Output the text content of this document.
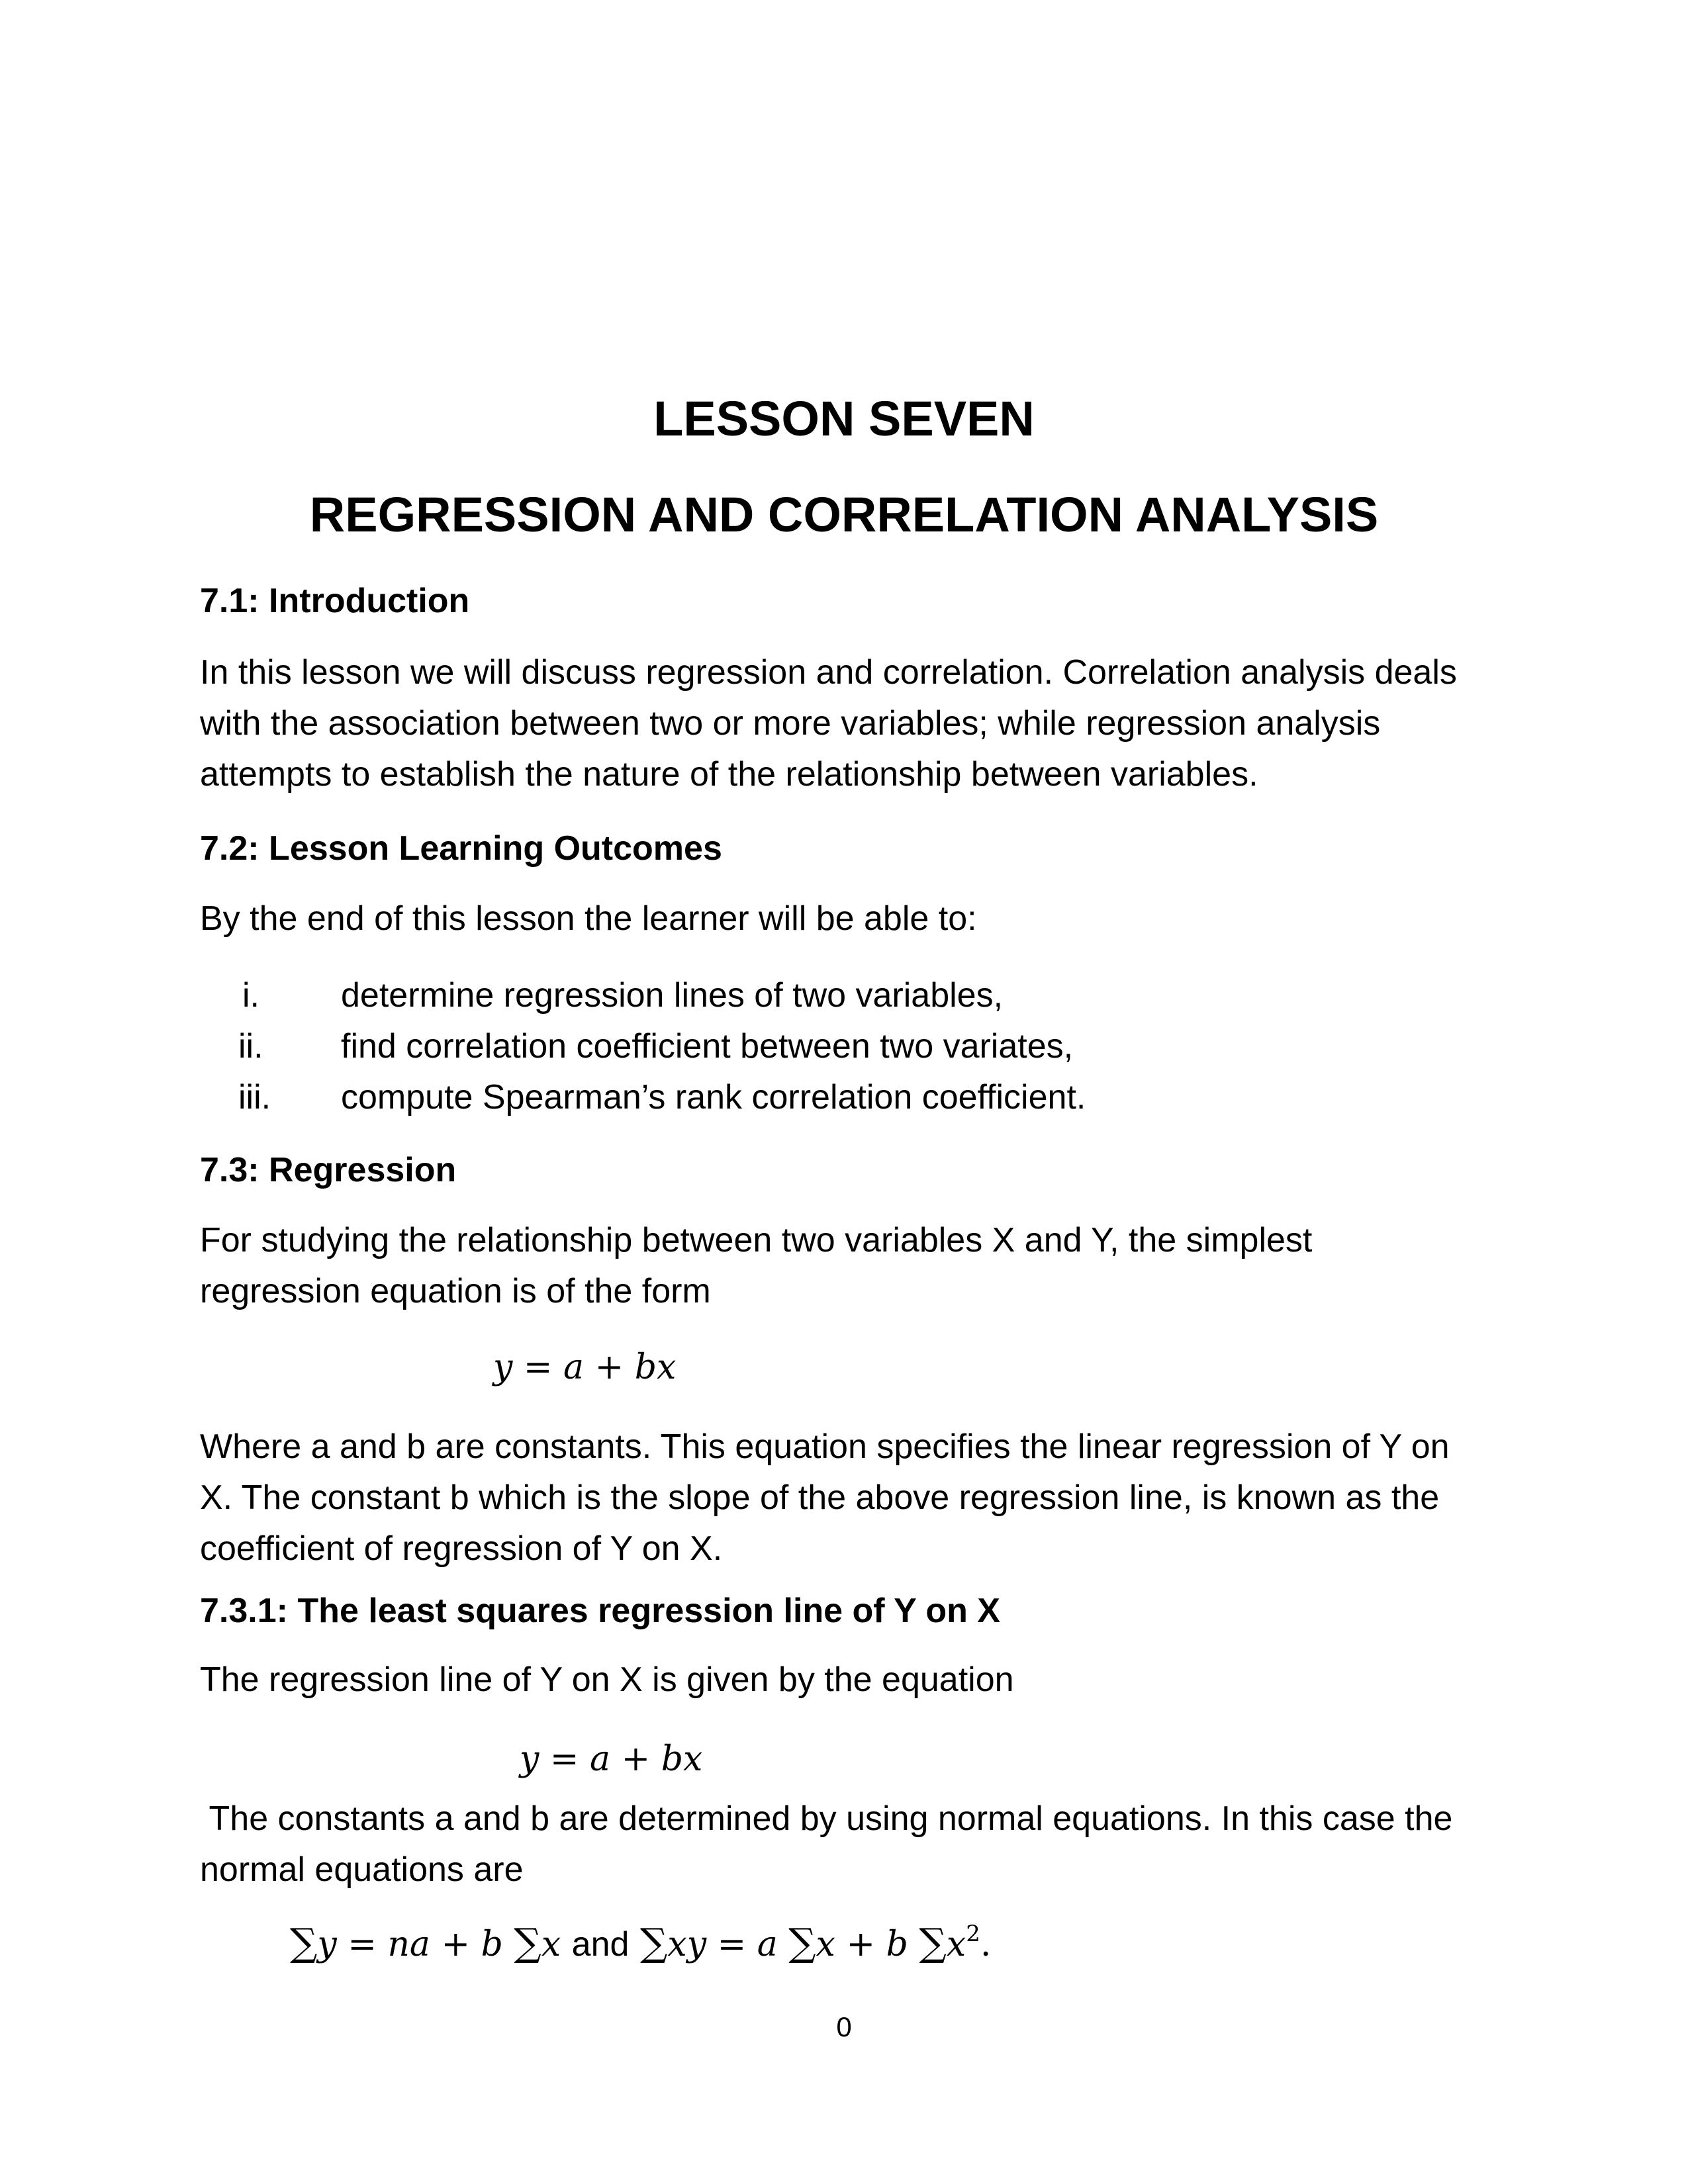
LESSON SEVEN
REGRESSION AND CORRELATION ANALYSIS
7.1: Introduction
In this lesson we will discuss regression and correlation. Correlation analysis deals
with the association between two or more variables; while regression analysis
attempts to establish the nature of the relationship between variables.
7.2: Lesson Learning Outcomes
By the end of this lesson the learner will be able to:
i. determine regression lines of two variables,
ii. find correlation coefficient between two variates,
iii. compute Spearman’s rank correlation coefficient.
7.3: Regression
For studying the relationship between two variables X and Y, the simplest
regression equation is of the form
y = a + bx
Where a and b are constants. This equation specifies the linear regression of Y on
X. The constant b which is the slope of the above regression line, is known as the
coefficient of regression of Y on X.
7.3.1: The least squares regression line of Y on X
The regression line of Y on X is given by the equation
y = a + bx
The constants a and b are determined by using normal equations. In this case the
normal equations are
∑y = na + b ∑x and ∑xy = a ∑x + b $\sum x^2$.
0
